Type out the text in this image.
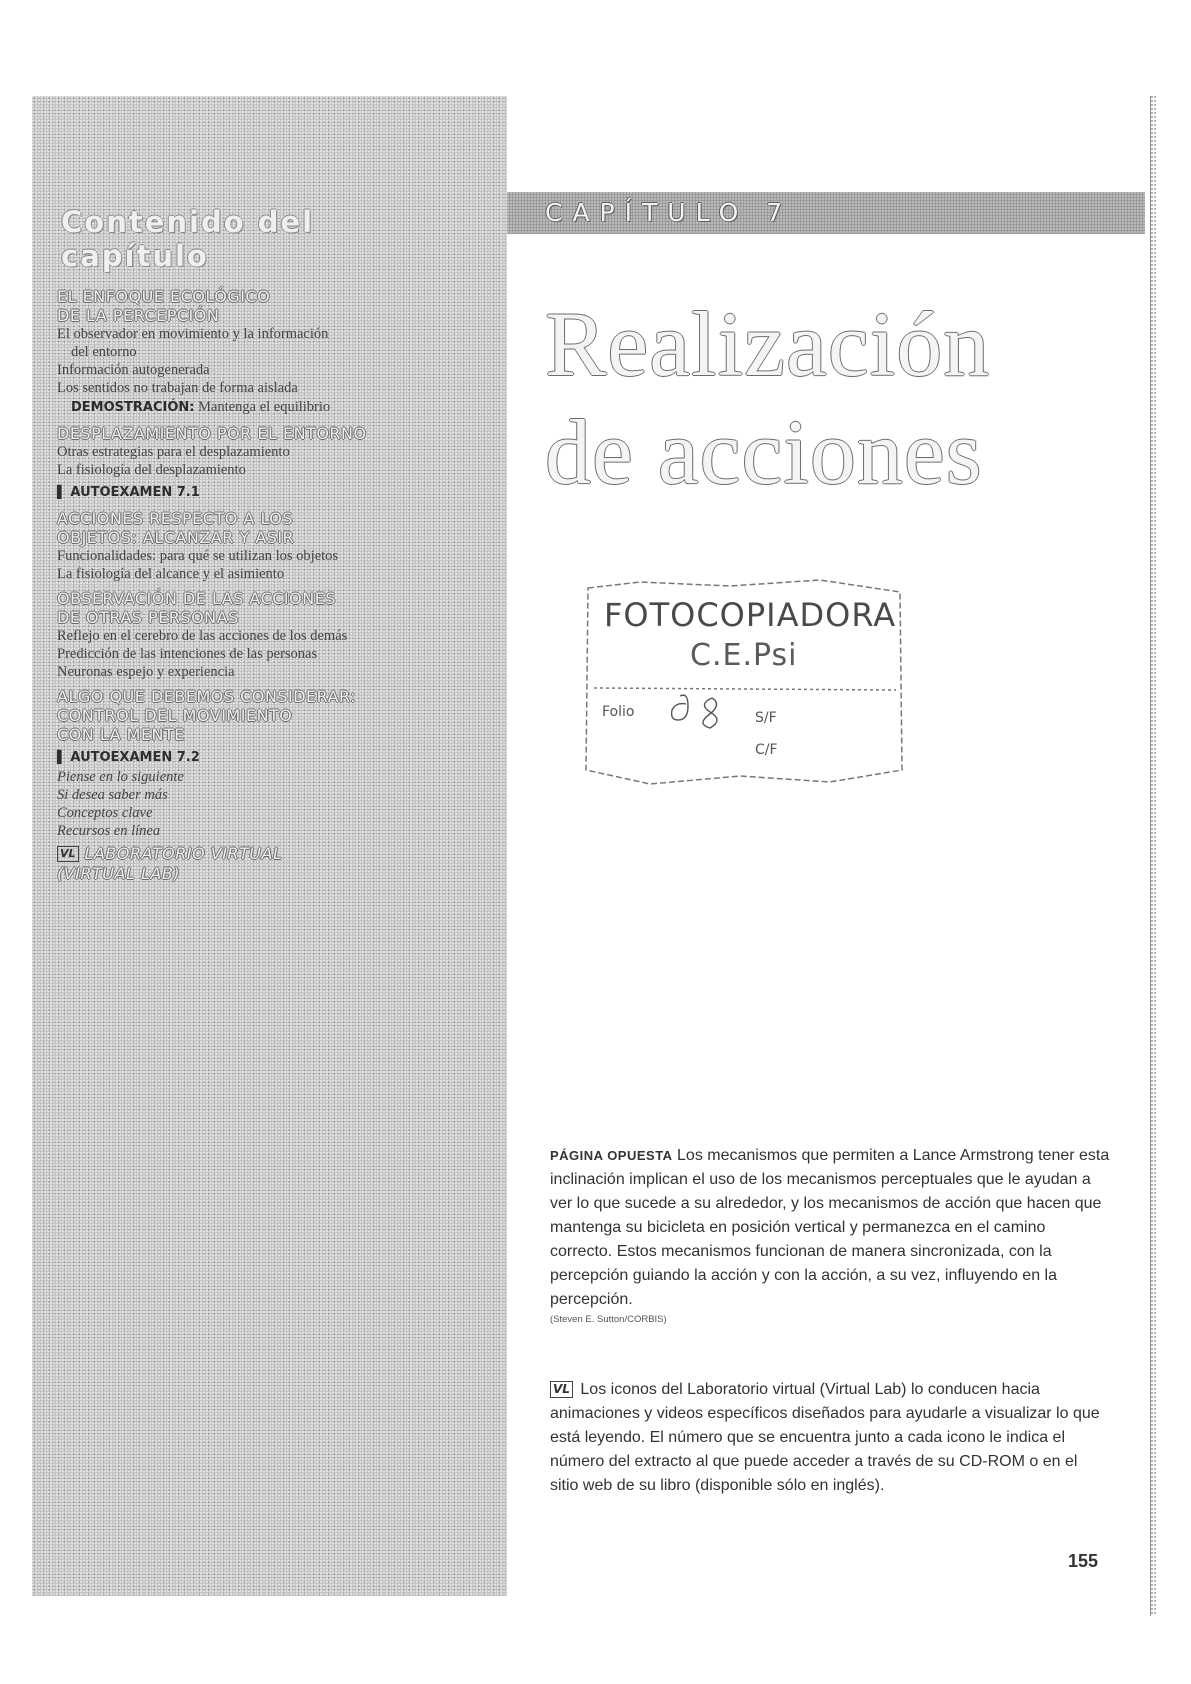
Contenido del capítulo
EL ENFOQUE ECOLÓGICO
DE LA PERCEPCIÓN
El observador en movimiento y la información
del entorno
Información autogenerada
Los sentidos no trabajan de forma aislada
DEMOSTRACIÓN: Mantenga el equilibrio
DESPLAZAMIENTO POR EL ENTORNO
Otras estrategias para el desplazamiento
La fisiología del desplazamiento
▌ AUTOEXAMEN 7.1
ACCIONES RESPECTO A LOS
OBJETOS: ALCANZAR Y ASIR
Funcionalidades: para qué se utilizan los objetos
La fisiología del alcance y el asimiento
OBSERVACIÓN DE LAS ACCIONES
DE OTRAS PERSONAS
Reflejo en el cerebro de las acciones de los demás
Predicción de las intenciones de las personas
Neuronas espejo y experiencia
ALGO QUE DEBEMOS CONSIDERAR:
CONTROL DEL MOVIMIENTO
CON LA MENTE
▌ AUTOEXAMEN 7.2
Piense en lo siguiente
Si desea saber más
Conceptos clave
Recursos en línea
VL LABORATORIO VIRTUAL
(VIRTUAL LAB)
CAPÍTULO 7
Realización
de acciones
FOTOCOPIADORA
C.E.Psi
Folio	S/F
C/F
PÁGINA OPUESTA Los mecanismos que permiten a Lance Armstrong tener esta inclinación implican el uso de los mecanismos perceptuales que le ayudan a ver lo que sucede a su alrededor, y los mecanismos de acción que hacen que mantenga su bicicleta en posición vertical y permanezca en el camino correcto. Estos mecanismos funcionan de manera sincronizada, con la percepción guiando la acción y con la acción, a su vez, influyendo en la percepción.
(Steven E. Sutton/CORBIS)
VL Los iconos del Laboratorio virtual (Virtual Lab) lo conducen hacia animaciones y videos específicos diseñados para ayudarle a visualizar lo que está leyendo. El número que se encuentra junto a cada icono le indica el número del extracto al que puede acceder a través de su CD-ROM o en el sitio web de su libro (disponible sólo en inglés).
155
